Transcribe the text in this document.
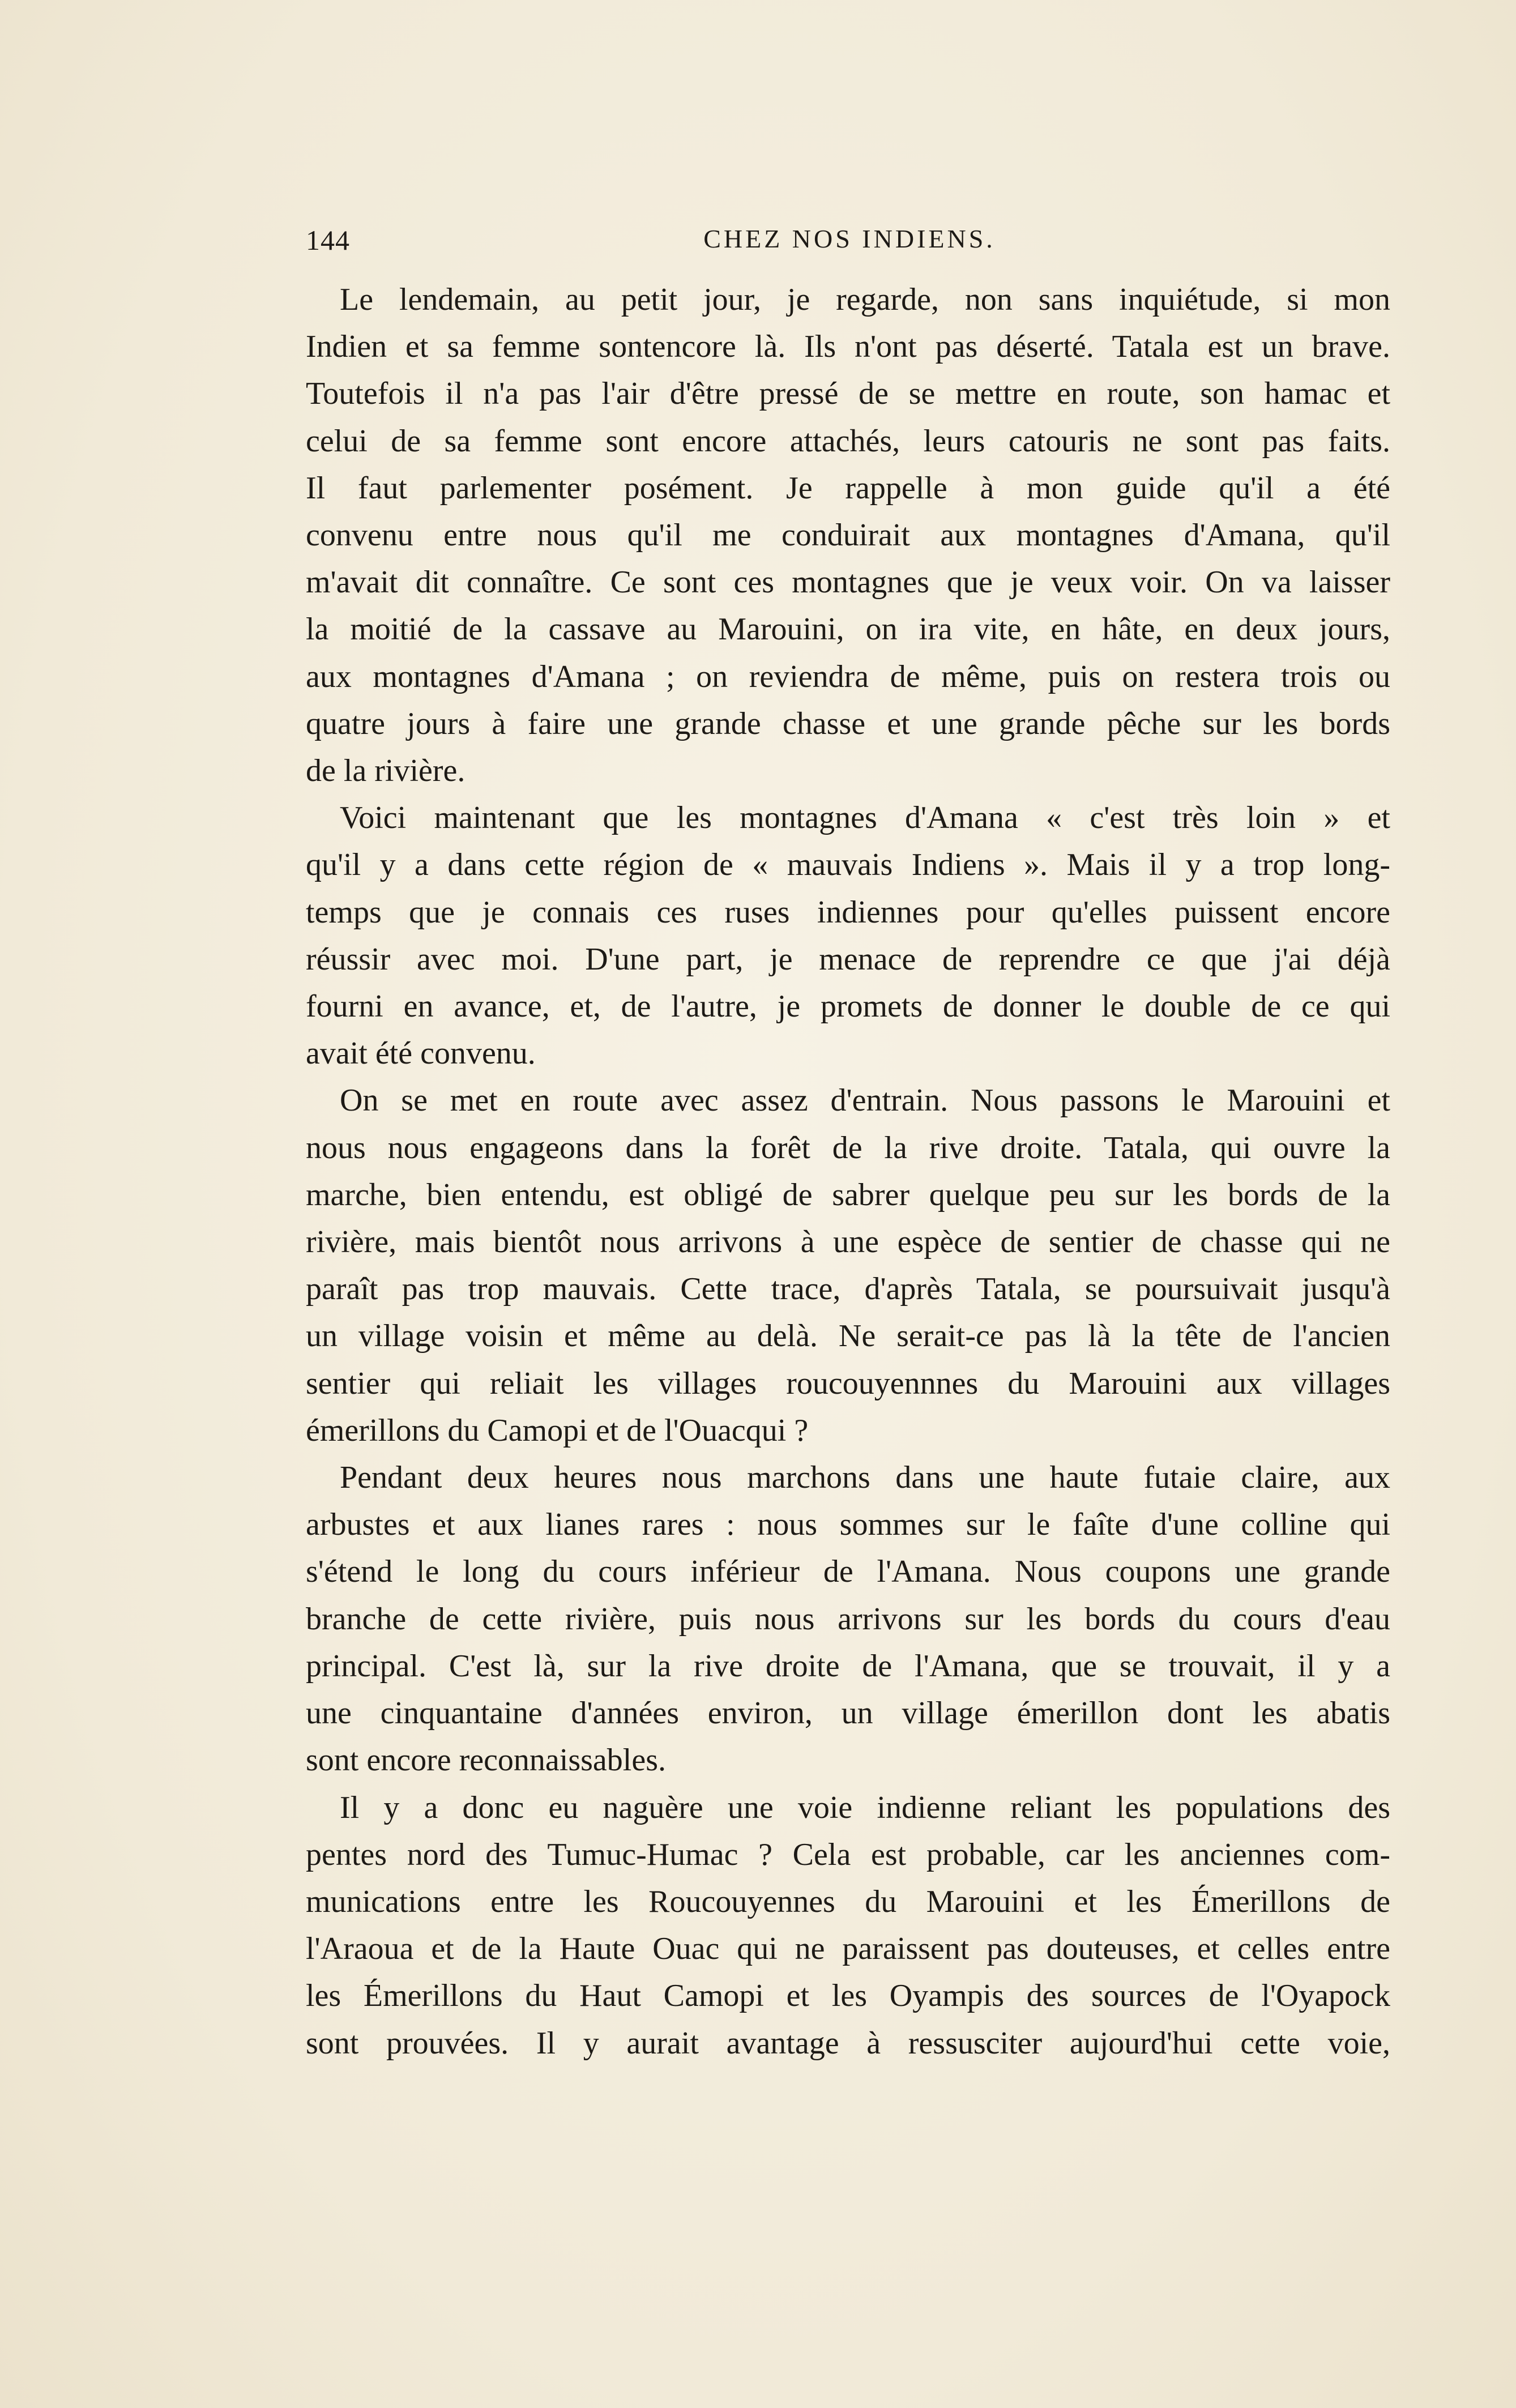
144	CHEZ NOS INDIENS.

Le lendemain, au petit jour, je regarde, non sans inquiétude, si mon
Indien et sa femme sontencore là. Ils n'ont pas déserté. Tatala est un brave.
Toutefois il n'a pas l'air d'être pressé de se mettre en route, son hamac et
celui de sa femme sont encore attachés, leurs catouris ne sont pas faits.
Il faut parlementer posément. Je rappelle à mon guide qu'il a été
convenu entre nous qu'il me conduirait aux montagnes d'Amana, qu'il
m'avait dit connaître. Ce sont ces montagnes que je veux voir. On va laisser
la moitié de la cassave au Marouini, on ira vite, en hâte, en deux jours,
aux montagnes d'Amana ; on reviendra de même, puis on restera trois ou
quatre jours à faire une grande chasse et une grande pêche sur les bords
de la rivière.

Voici maintenant que les montagnes d'Amana « c'est très loin » et
qu'il y a dans cette région de « mauvais Indiens ». Mais il y a trop long-
temps que je connais ces ruses indiennes pour qu'elles puissent encore
réussir avec moi. D'une part, je menace de reprendre ce que j'ai déjà
fourni en avance, et, de l'autre, je promets de donner le double de ce qui
avait été convenu.

On se met en route avec assez d'entrain. Nous passons le Marouini et
nous nous engageons dans la forêt de la rive droite. Tatala, qui ouvre la
marche, bien entendu, est obligé de sabrer quelque peu sur les bords de la
rivière, mais bientôt nous arrivons à une espèce de sentier de chasse qui ne
paraît pas trop mauvais. Cette trace, d'après Tatala, se poursuivait jusqu'à
un village voisin et même au delà. Ne serait-ce pas là la tête de l'ancien
sentier qui reliait les villages roucouyennnes du Marouini aux villages
émerillons du Camopi et de l'Ouacqui ?

Pendant deux heures nous marchons dans une haute futaie claire, aux
arbustes et aux lianes rares : nous sommes sur le faîte d'une colline qui
s'étend le long du cours inférieur de l'Amana. Nous coupons une grande
branche de cette rivière, puis nous arrivons sur les bords du cours d'eau
principal. C'est là, sur la rive droite de l'Amana, que se trouvait, il y a
une cinquantaine d'années environ, un village émerillon dont les abatis
sont encore reconnaissables.

Il y a donc eu naguère une voie indienne reliant les populations des
pentes nord des Tumuc-Humac ? Cela est probable, car les anciennes com-
munications entre les Roucouyennes du Marouini et les Émerillons de
l'Araoua et de la Haute Ouac qui ne paraissent pas douteuses, et celles entre
les Émerillons du Haut Camopi et les Oyampis des sources de l'Oyapock
sont prouvées. Il y aurait avantage à ressusciter aujourd'hui cette voie,
